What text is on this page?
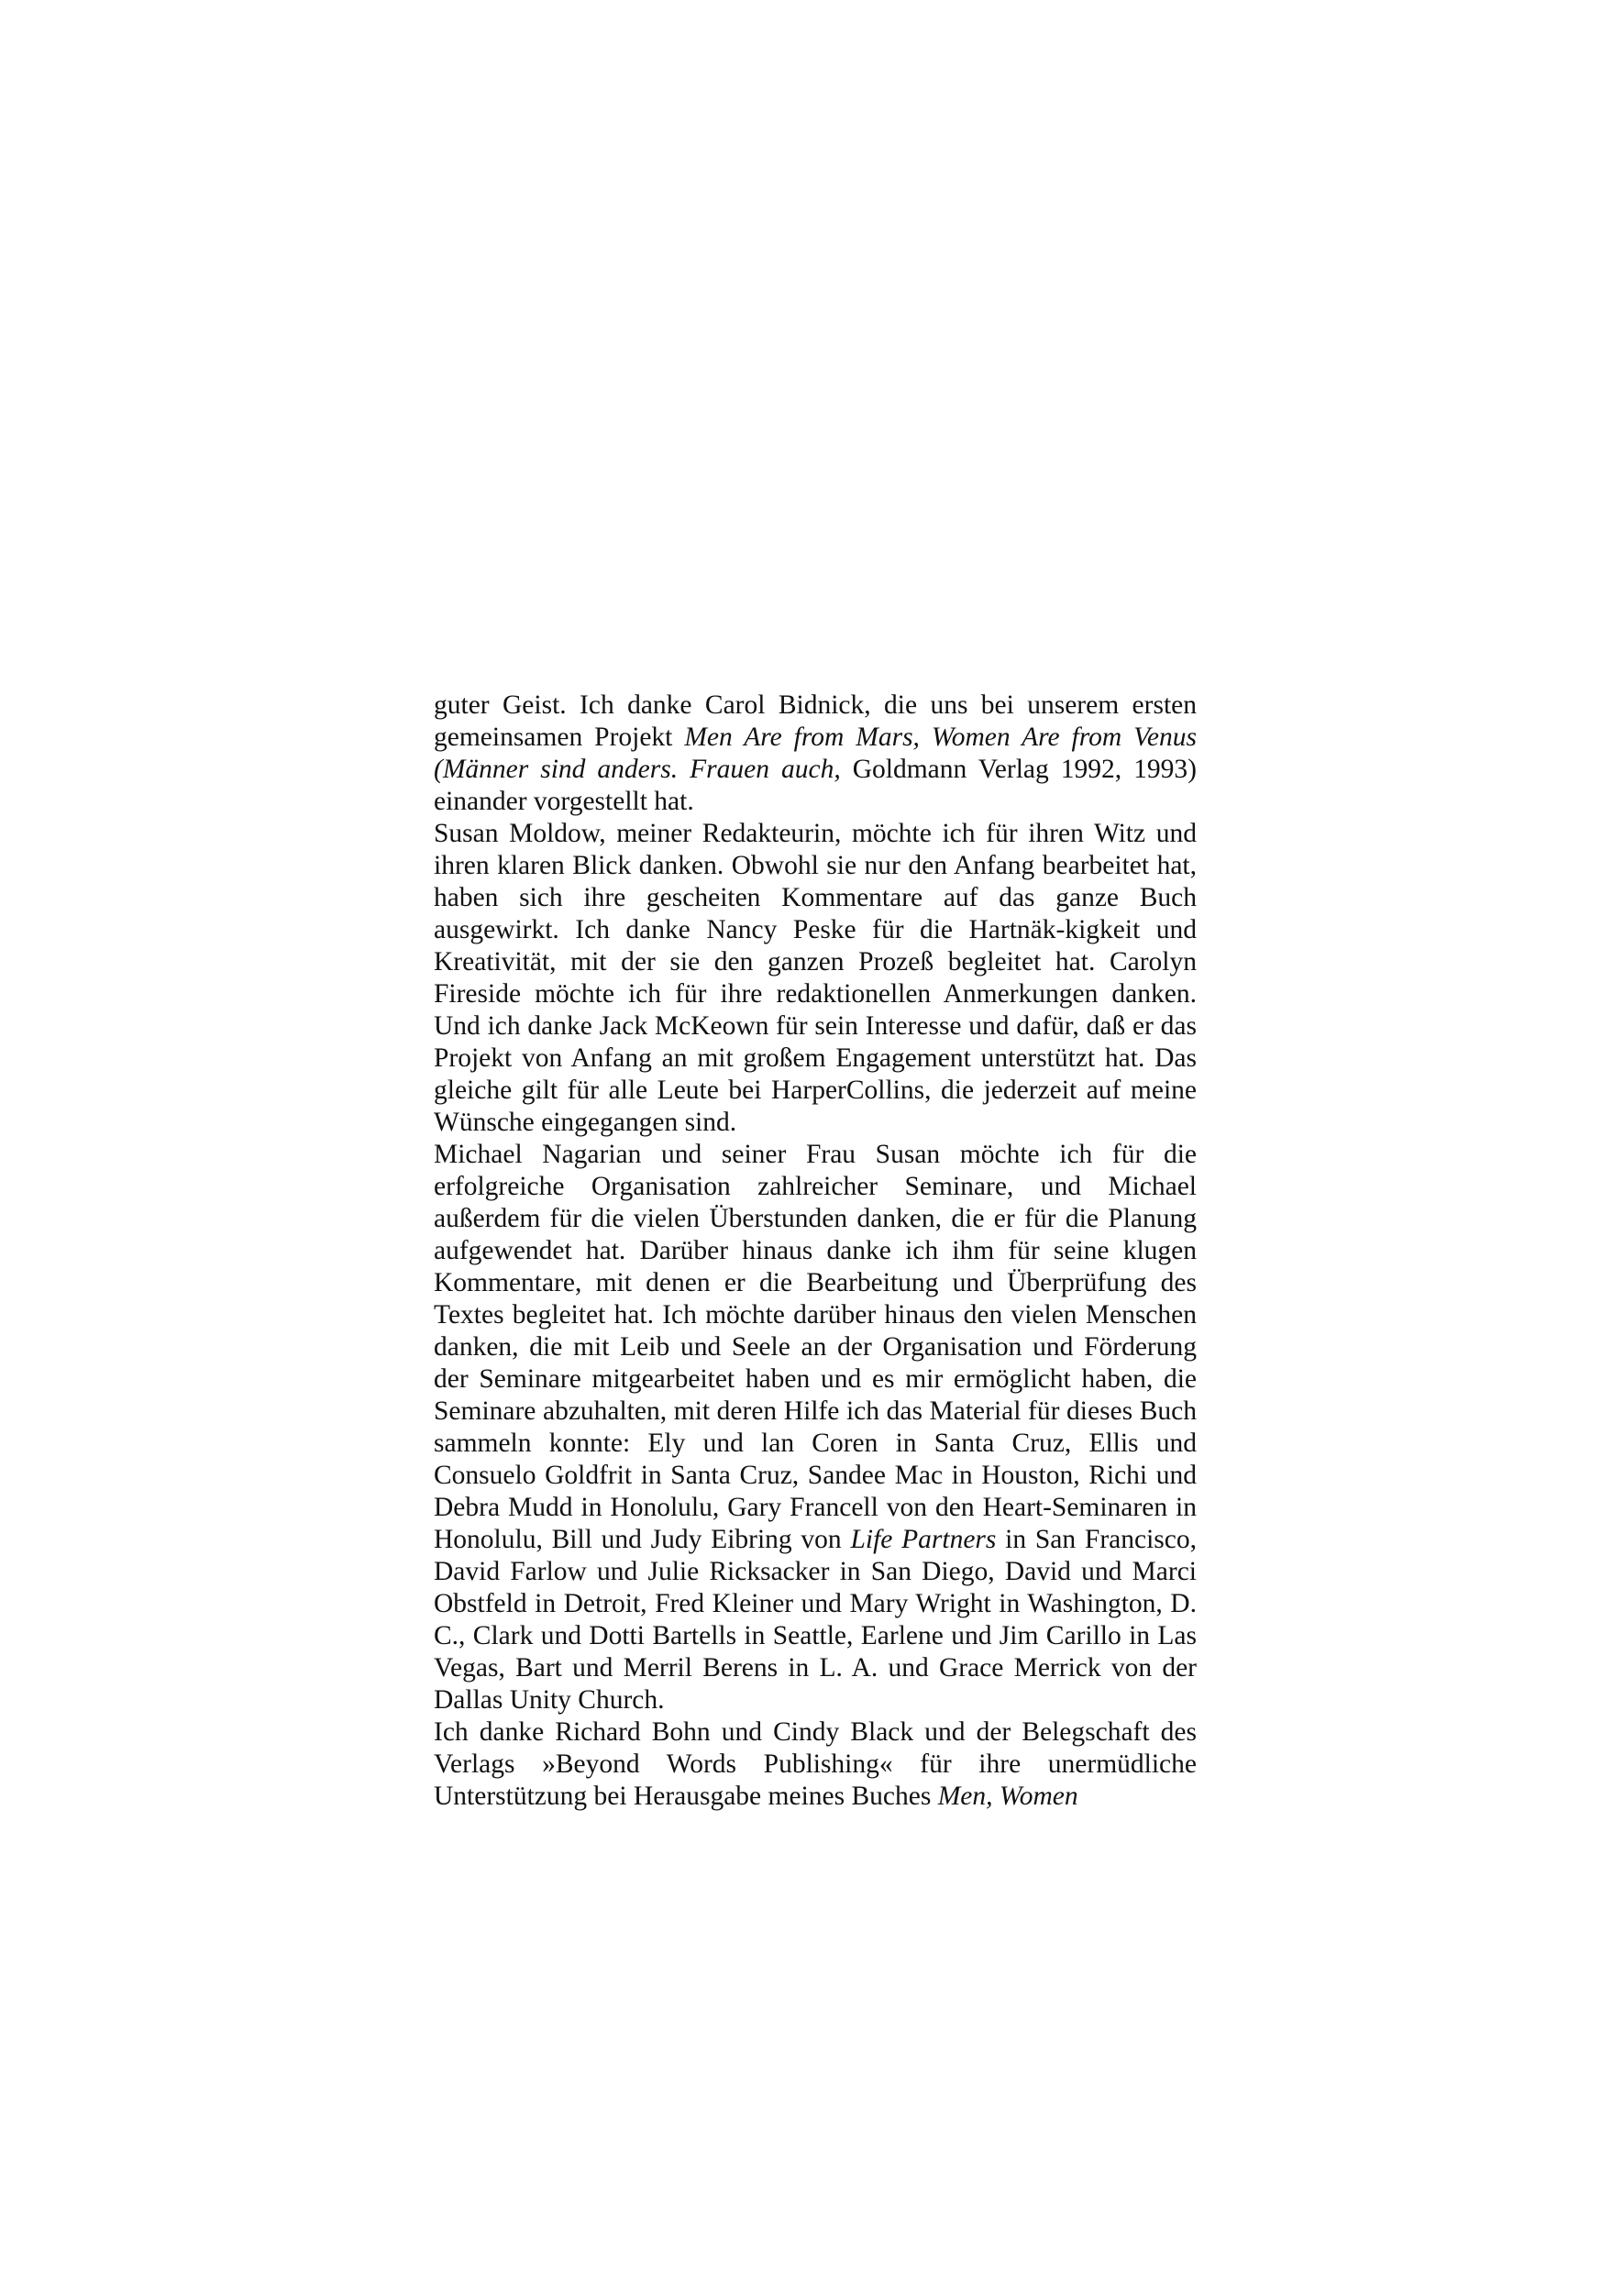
guter Geist. Ich danke Carol Bidnick, die uns bei unserem ersten gemeinsamen Projekt Men Are from Mars, Women Are from Venus (Männer sind anders. Frauen auch, Goldmann Verlag 1992, 1993) einander vorgestellt hat.

Susan Moldow, meiner Redakteurin, möchte ich für ihren Witz und ihren klaren Blick danken. Obwohl sie nur den Anfang bearbeitet hat, haben sich ihre gescheiten Kommentare auf das ganze Buch ausgewirkt. Ich danke Nancy Peske für die Hartnäk-kigkeit und Kreativität, mit der sie den ganzen Prozeß begleitet hat. Carolyn Fireside möchte ich für ihre redaktionellen Anmerkungen danken. Und ich danke Jack McKeown für sein Interesse und dafür, daß er das Projekt von Anfang an mit großem Engagement unterstützt hat. Das gleiche gilt für alle Leute bei HarperCollins, die jederzeit auf meine Wünsche eingegangen sind.

Michael Nagarian und seiner Frau Susan möchte ich für die erfolgreiche Organisation zahlreicher Seminare, und Michael außerdem für die vielen Überstunden danken, die er für die Planung aufgewendet hat. Darüber hinaus danke ich ihm für seine klugen Kommentare, mit denen er die Bearbeitung und Überprüfung des Textes begleitet hat. Ich möchte darüber hinaus den vielen Menschen danken, die mit Leib und Seele an der Organisation und Förderung der Seminare mitgearbeitet haben und es mir ermöglicht haben, die Seminare abzuhalten, mit deren Hilfe ich das Material für dieses Buch sammeln konnte: Ely und lan Coren in Santa Cruz, Ellis und Consuelo Goldfrit in Santa Cruz, Sandee Mac in Houston, Richi und Debra Mudd in Honolulu, Gary Francell von den Heart-Seminaren in Honolulu, Bill und Judy Eibring von Life Partners in San Francisco, David Farlow und Julie Ricksacker in San Diego, David und Marci Obstfeld in Detroit, Fred Kleiner und Mary Wright in Washington, D. C., Clark und Dotti Bartells in Seattle, Earlene und Jim Carillo in Las Vegas, Bart und Merril Berens in L. A. und Grace Merrick von der Dallas Unity Church.

Ich danke Richard Bohn und Cindy Black und der Belegschaft des Verlags »Beyond Words Publishing« für ihre unermüdliche Unterstützung bei Herausgabe meines Buches Men, Women
